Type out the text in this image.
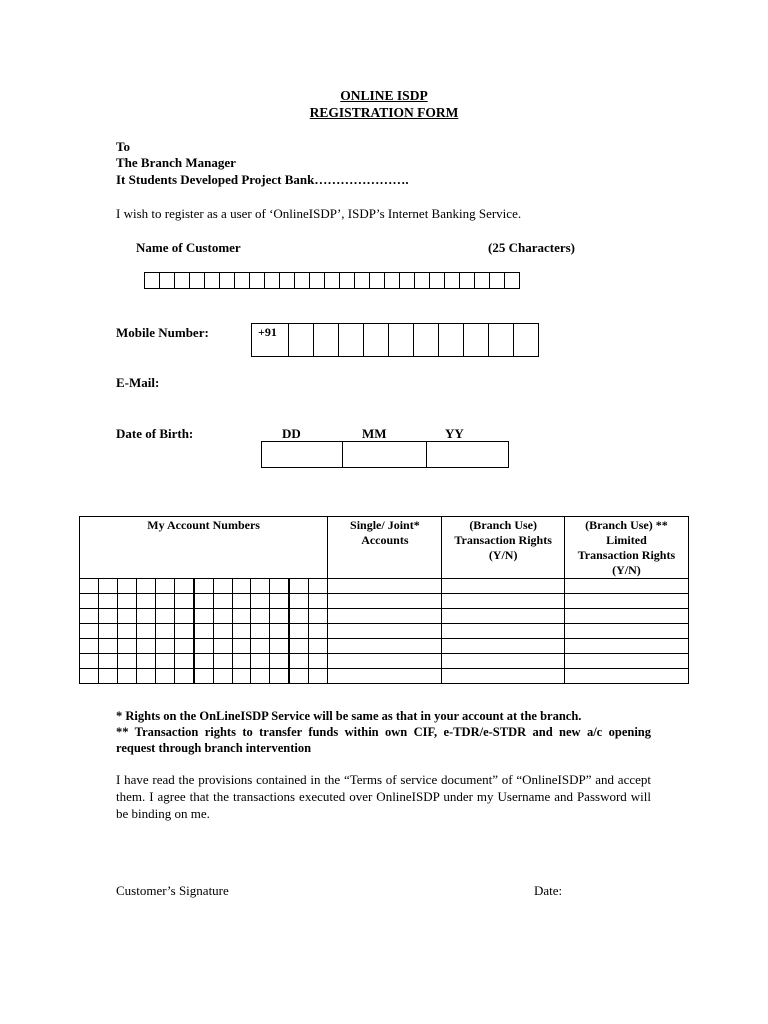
ONLINE ISDP
REGISTRATION FORM
To
The Branch Manager
It Students Developed Project Bank………………….
I wish to register as a user of ‘OnlineISDP’, ISDP’s Internet Banking Service.
Name of Customer	(25 Characters)
Mobile Number:	+91
E-Mail:
Date of Birth:	DD	MM	YY
My Account Numbers	Single/ Joint* Accounts	(Branch Use) Transaction Rights (Y/N)	(Branch Use) ** Limited Transaction Rights (Y/N)

* Rights on the OnLineISDP Service will be same as that in your account at the branch.
** Transaction rights to transfer funds within own CIF, e-TDR/e-STDR and new a/c opening request through branch intervention
I have read the provisions contained in the “Terms of service document” of “OnlineISDP” and accept them. I agree that the transactions executed over OnlineISDP under my Username and Password will be binding on me.
Customer’s Signature	Date:
